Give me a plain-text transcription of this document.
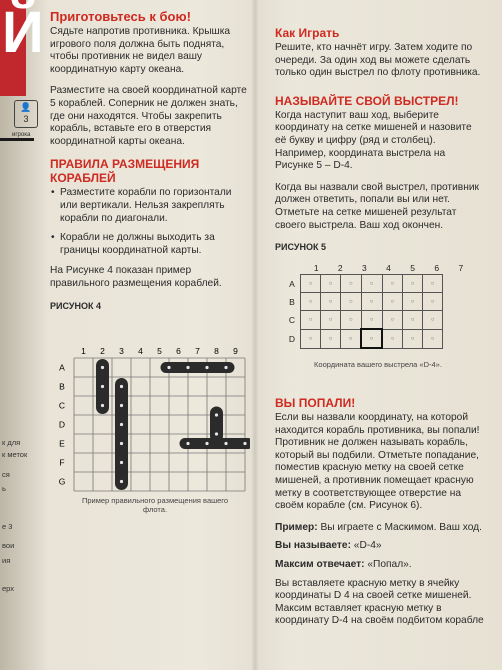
Й
👤
3
игрока
к для
к меток
ся
ь
е 3
вои
ия
ерх
Приготовьтесь к бою!

Сядьте напротив противника. Крышка игрового поля должна быть поднята, чтобы противник не видел вашу координатную карту океана.

Разместите на своей координатной карте 5 кораблей. Соперник не должен знать, где они находятся. Чтобы закрепить корабль, вставьте его в отверстия координатной карты океана.

ПРАВИЛА РАЗМЕЩЕНИЯ КОРАБЛЕЙ
• Разместите корабли по горизонтали или вертикали. Нельзя закреплять корабли по диагонали.
• Корабли не должны выходить за границы координатной карты.

На Рисунке 4 показан пример правильного размещения кораблей.

РИСУНОК 4
1 2 3 4 5 6 7 8 9
A
B
C
D
E
F
G
Пример правильного размещения вашего флота.
Как Играть

Решите, кто начнёт игру. Затем ходите по очереди. За один ход вы можете сделать только один выстрел по флоту противника.

НАЗЫВАЙТЕ СВОЙ ВЫСТРЕЛ!

Когда наступит ваш ход, выберите координату на сетке мишеней и назовите её букву и цифру (ряд и столбец). Например, координата выстрела на Рисунке 5 – D-4.

Когда вы назвали свой выстрел, противник должен ответить, попали вы или нет. Отметьте на сетке мишеней результат своего выстрела. Ваш ход окончен.

РИСУНОК 5
	1	2	3	4	5	6	7
A	○	○	○	○	○	○	○
B	○	○	○	○	○	○	○
C	○	○	○	○	○	○	○
D	○	○	○	○	○	○	○
Координата вашего выстрела «D-4».
ВЫ ПОПАЛИ!

Если вы назвали координату, на которой находится корабль противника, вы попали! Противник не должен называть корабль, который вы подбили. Отметьте попадание, поместив красную метку на своей сетке мишеней, а противник помещает красную метку в соответствующее отверстие на своём корабле (см. Рисунок 6).

Пример: Вы играете с Маскимом. Ваш ход.

Вы называете: «D-4»

Максим отвечает: «Попал».

Вы вставляете красную метку в ячейку координаты D 4 на своей сетке мишеней. Максим вставляет красную метку в координату D-4 на своём подбитом корабле
